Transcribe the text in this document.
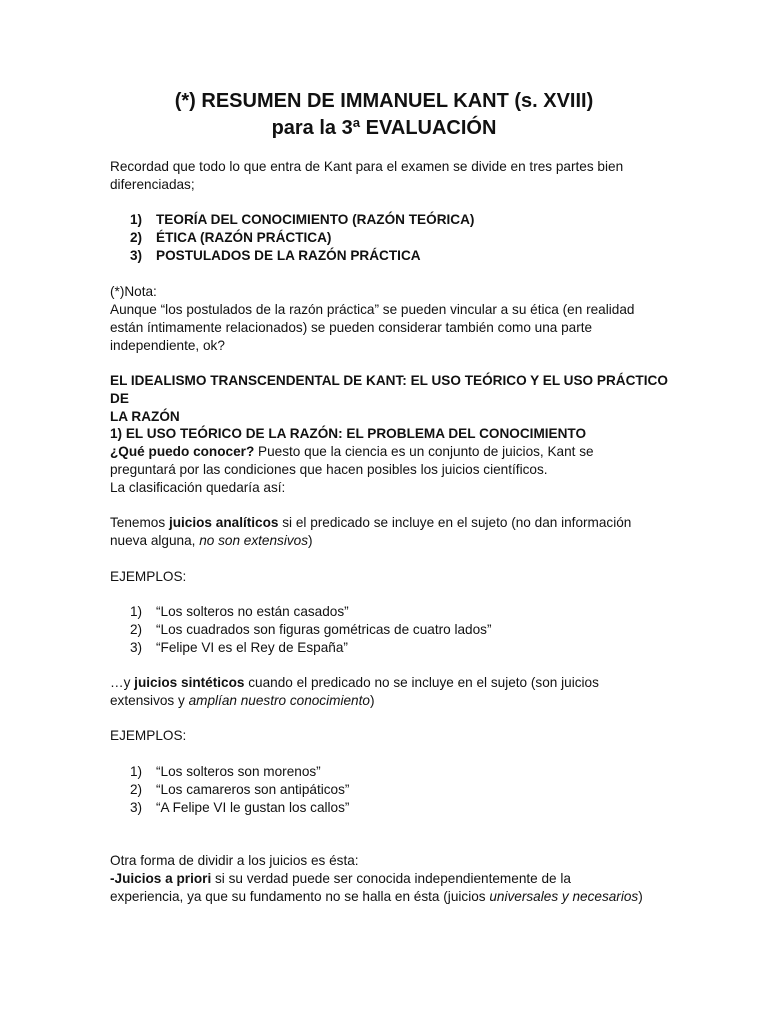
(*) RESUMEN DE IMMANUEL KANT (s. XVIII)
para la 3ª EVALUACIÓN
Recordad que todo lo que entra de Kant para el examen se divide en tres partes bien
diferenciadas;
1) TEORÍA DEL CONOCIMIENTO (RAZÓN TEÓRICA)
2) ÉTICA (RAZÓN PRÁCTICA)
3) POSTULADOS DE LA RAZÓN PRÁCTICA
(*)Nota:
Aunque “los postulados de la razón práctica” se pueden vincular a su ética (en realidad
están íntimamente relacionados) se pueden considerar también como una parte
independiente, ok?
EL IDEALISMO TRANSCENDENTAL DE KANT: EL USO TEÓRICO Y EL USO PRÁCTICO DE
LA RAZÓN
1) EL USO TEÓRICO DE LA RAZÓN: EL PROBLEMA DEL CONOCIMIENTO
¿Qué puedo conocer? Puesto que la ciencia es un conjunto de juicios, Kant se
preguntará por las condiciones que hacen posibles los juicios científicos.
La clasificación quedaría así:
Tenemos juicios analíticos si el predicado se incluye en el sujeto (no dan información
nueva alguna, no son extensivos)
EJEMPLOS:
1) “Los solteros no están casados”
2) “Los cuadrados son figuras gométricas de cuatro lados”
3) “Felipe VI es el Rey de España”
…y juicios sintéticos cuando el predicado no se incluye en el sujeto (son juicios
extensivos y amplían nuestro conocimiento)
EJEMPLOS:
1) “Los solteros son morenos”
2) “Los camareros son antipáticos”
3) “A Felipe VI le gustan los callos”
Otra forma de dividir a los juicios es ésta:
-Juicios a priori si su verdad puede ser conocida independientemente de la
experiencia, ya que su fundamento no se halla en ésta (juicios universales y necesarios)
